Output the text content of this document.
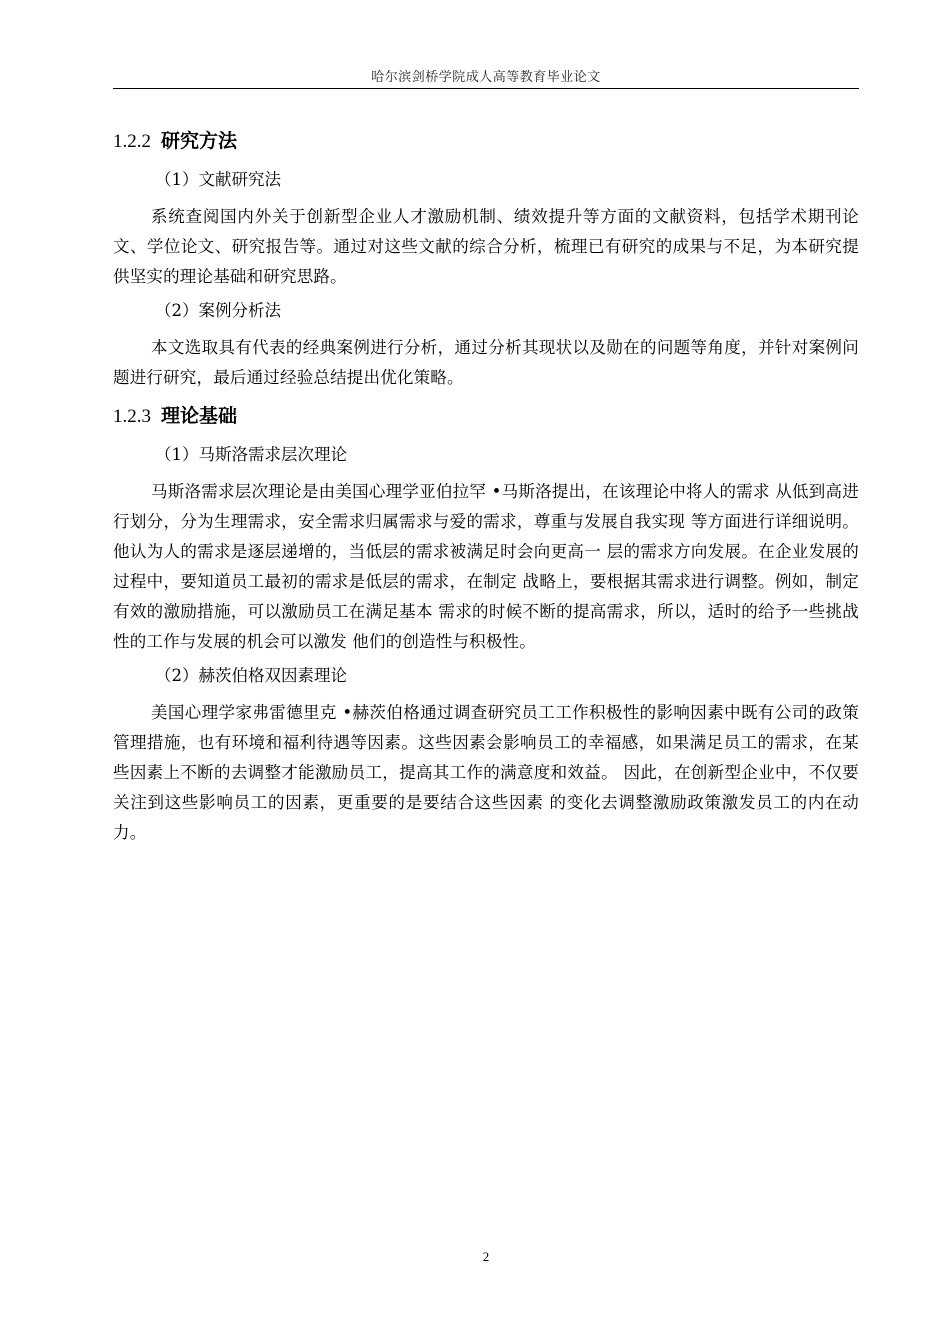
哈尔滨剑桥学院成人高等教育毕业论文
1.2.2 研究方法

（1）文献研究法

系统查阅国内外关于创新型企业人才激励机制、绩效提升等方面的文献资料，包括学术期刊论文、学位论文、研究报告等。通过对这些文献的综合分析，梳理已有研究的成果与不足，为本研究提供坚实的理论基础和研究思路。

（2）案例分析法

本文选取具有代表的经典案例进行分析，通过分析其现状以及勋在的问题等角度，并针对案例问题进行研究，最后通过经验总结提出优化策略。

1.2.3 理论基础

（1）马斯洛需求层次理论

马斯洛需求层次理论是由美国心理学亚伯拉罕 •马斯洛提出，在该理论中将人的需求 从低到高进行划分，分为生理需求，安全需求归属需求与爱的需求，尊重与发展自我实现 等方面进行详细说明。他认为人的需求是逐层递增的，当低层的需求被满足时会向更高一 层的需求方向发展。在企业发展的过程中，要知道员工最初的需求是低层的需求，在制定 战略上，要根据其需求进行调整。例如，制定有效的激励措施，可以激励员工在满足基本 需求的时候不断的提高需求，所以，适时的给予一些挑战性的工作与发展的机会可以激发 他们的创造性与积极性。

（2）赫茨伯格双因素理论

美国心理学家弗雷德里克 •赫茨伯格通过调查研究员工工作积极性的影响因素中既有公司的政策管理措施，也有环境和福利待遇等因素。这些因素会影响员工的幸福感，如果满足员工的需求，在某些因素上不断的去调整才能激励员工，提高其工作的满意度和效益。 因此，在创新型企业中，不仅要关注到这些影响员工的因素，更重要的是要结合这些因素 的变化去调整激励政策激发员工的内在动力。

2
